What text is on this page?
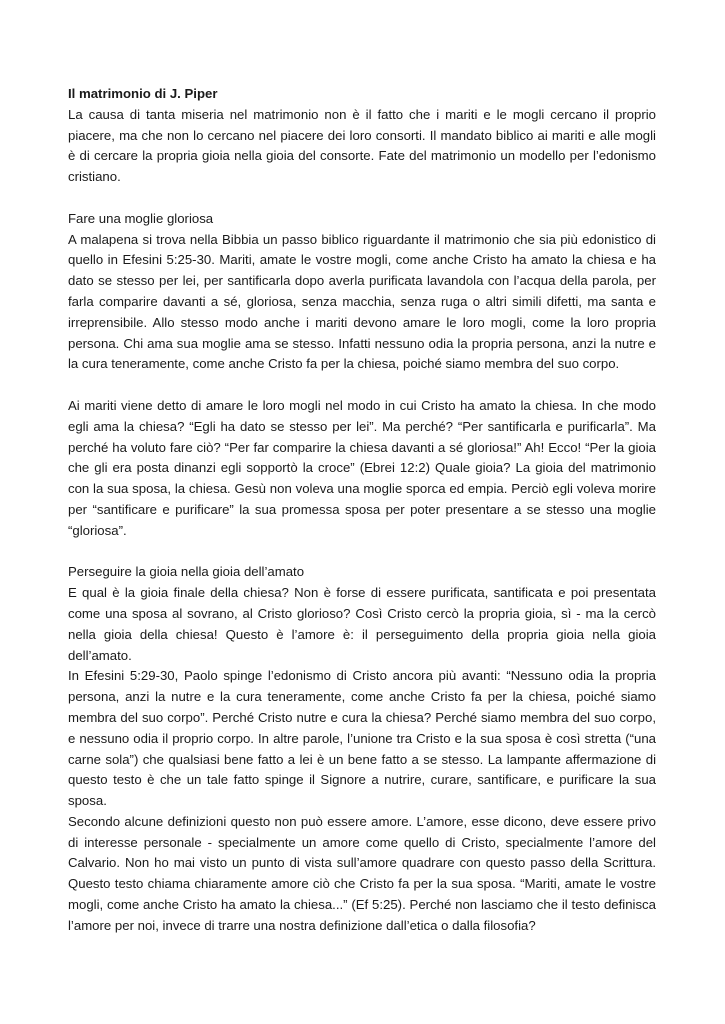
Il matrimonio di J. Piper

La causa di tanta miseria nel matrimonio non è il fatto che i mariti e le mogli cercano il proprio piacere, ma che non lo cercano nel piacere dei loro consorti. Il mandato biblico ai mariti e alle mogli è di cercare la propria gioia nella gioia del consorte. Fate del matrimonio un modello per l’edonismo cristiano.

Fare una moglie gloriosa

A malapena si trova nella Bibbia un passo biblico riguardante il matrimonio che sia più edonistico di quello in Efesini 5:25-30. Mariti, amate le vostre mogli, come anche Cristo ha amato la chiesa e ha dato se stesso per lei, per santificarla dopo averla purificata lavandola con l’acqua della parola, per farla comparire davanti a sé, gloriosa, senza macchia, senza ruga o altri simili difetti, ma santa e irreprensibile. Allo stesso modo anche i mariti devono amare le loro mogli, come la loro propria persona. Chi ama sua moglie ama se stesso. Infatti nessuno odia la propria persona, anzi la nutre e la cura teneramente, come anche Cristo fa per la chiesa, poiché siamo membra del suo corpo.

Ai mariti viene detto di amare le loro mogli nel modo in cui Cristo ha amato la chiesa. In che modo egli ama la chiesa? “Egli ha dato se stesso per lei”. Ma perché? “Per santificarla e purificarla”. Ma perché ha voluto fare ciò? “Per far comparire la chiesa davanti a sé gloriosa!” Ah! Ecco! “Per la gioia che gli era posta dinanzi egli sopportò la croce” (Ebrei 12:2) Quale gioia? La gioia del matrimonio con la sua sposa, la chiesa. Gesù non voleva una moglie sporca ed empia. Perciò egli voleva morire per “santificare e purificare” la sua promessa sposa per poter presentare a se stesso una moglie “gloriosa”.

Perseguire la gioia nella gioia dell’amato

E qual è la gioia finale della chiesa? Non è forse di essere purificata, santificata e poi presentata come una sposa al sovrano, al Cristo glorioso? Così Cristo cercò la propria gioia, sì - ma la cercò nella gioia della chiesa! Questo è l’amore è: il perseguimento della propria gioia nella gioia dell’amato.

In Efesini 5:29-30, Paolo spinge l’edonismo di Cristo ancora più avanti: “Nessuno odia la propria persona, anzi la nutre e la cura teneramente, come anche Cristo fa per la chiesa, poiché siamo membra del suo corpo”. Perché Cristo nutre e cura la chiesa? Perché siamo membra del suo corpo, e nessuno odia il proprio corpo. In altre parole, l’unione tra Cristo e la sua sposa è così stretta (“una carne sola”) che qualsiasi bene fatto a lei è un bene fatto a se stesso. La lampante affermazione di questo testo è che un tale fatto spinge il Signore a nutrire, curare, santificare, e purificare la sua sposa.

Secondo alcune definizioni questo non può essere amore. L’amore, esse dicono, deve essere privo di interesse personale - specialmente un amore come quello di Cristo, specialmente l’amore del Calvario. Non ho mai visto un punto di vista sull’amore quadrare con questo passo della Scrittura. Questo testo chiama chiaramente amore ciò che Cristo fa per la sua sposa. “Mariti, amate le vostre mogli, come anche Cristo ha amato la chiesa...” (Ef 5:25). Perché non lasciamo che il testo definisca l’amore per noi, invece di trarre una nostra definizione dall’etica o dalla filosofia?
